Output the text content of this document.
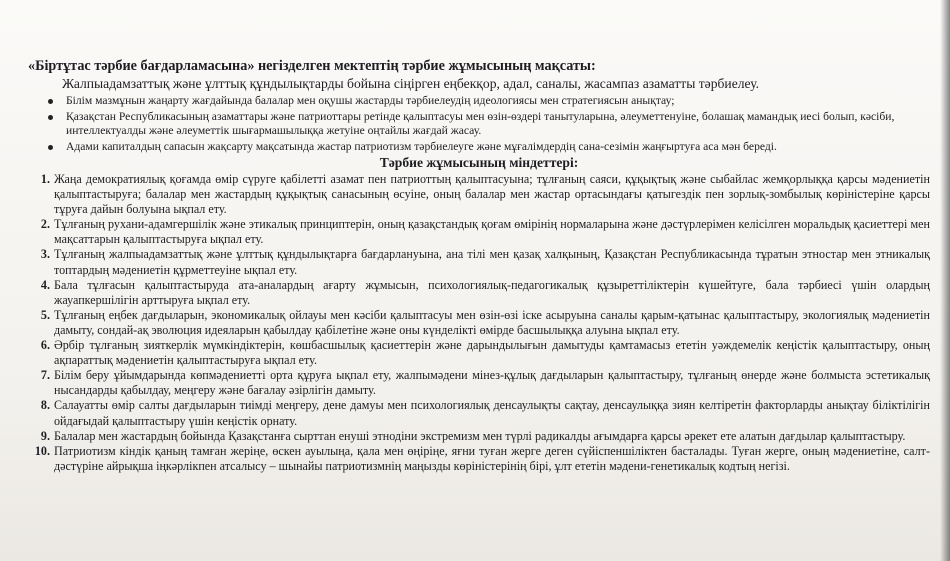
«Біртұтас тәрбие бағдарламасына» негізделген мектептің тәрбие жұмысының мақсаты:

Жалпыадамзаттық және ұлттық құндылықтарды бойына сіңірген еңбекқор, адал, саналы, жасампаз азаматты тәрбиелеу.

Білім мазмұнын жаңарту жағдайында балалар мен оқушы жастарды тәрбиелеудің идеологиясы мен стратегиясын анықтау;
Қазақстан Республикасының азаматтары және патриоттары ретінде қалыптасуы мен өзін-өздері танытуларына, әлеуметтенуіне, болашақ мамандық иесі болып, кәсіби, интеллектуалды және әлеуметтік шығармашылыққа жетуіне оңтайлы жағдай жасау.
Адами капиталдың сапасын жақсарту мақсатында жастар патриотизм тәрбиелеуге және мұғалімдердің сана-сезімін жаңғыртуға аса мән береді.

Тәрбие жұмысының міндеттері:

1. Жаңа демократиялық қоғамда өмір сүруге қабілетті азамат пен патриоттың қалыптасуына; тұлғаның саяси, құқықтық және сыбайлас жемқорлыққа қарсы мәдениетін қалыптастыруға; балалар мен жастардың құқықтық санасының өсуіне, оның балалар мен жастар ортасындағы қатыгездік пен зорлық-зомбылық көріністеріне қарсы тұруға дайын болуына ықпал ету.
2. Тұлғаның рухани-адамгершілік және этикалық принциптерін, оның қазақстандық қоғам өмірінің нормаларына және дәстүрлерімен келісілген моральдық қасиеттері мен мақсаттарын қалыптастыруға ықпал ету.
3. Тұлғаның жалпыадамзаттық және ұлттық құндылықтарға бағдарлануына, ана тілі мен қазақ халқының, Қазақстан Республикасында тұратын этностар мен этникалық топтардың мәдениетін құрметтеуіне ықпал ету.
4. Бала тұлғасын қалыптастыруда ата-аналардың ағарту жұмысын, психологиялық-педагогикалық құзыреттіліктерін күшейтуге, бала тәрбиесі үшін олардың жауапкершілігін арттыруға ықпал ету.
5. Тұлғаның еңбек дағдыларын, экономикалық ойлауы мен кәсіби қалыптасуы мен өзін-өзі іске асыруына саналы қарым-қатынас қалыптастыру, экологиялық мәдениетін дамыту, сондай-ақ эволюция идеяларын қабылдау қабілетіне және оны күнделікті өмірде басшылыққа алуына ықпал ету.
6. Әрбір тұлғаның зияткерлік мүмкіндіктерін, көшбасшылық қасиеттерін және дарындылығын дамытуды қамтамасыз ететін уәждемелік кеңістік қалыптастыру, оның ақпараттық мәдениетін қалыптастыруға ықпал ету.
7. Білім беру ұйымдарында көпмәдениетті орта құруға ықпал ету, жалпымәдени мінез-құлық дағдыларын қалыптастыру, тұлғаның өнерде және болмыста эстетикалық нысандарды қабылдау, меңгеру және бағалау әзірлігін дамыту.
8. Салауатты өмір салты дағдыларын тиімді меңгеру, дене дамуы мен психологиялық денсаулықты сақтау, денсаулыққа зиян келтіретін факторларды анықтау біліктілігін ойдағыдай қалыптастыру үшін кеңістік орнату.
9. Балалар мен жастардың бойында Қазақстанға сырттан енуші этнодіни экстремизм мен түрлі радикалды ағымдарға қарсы әрекет ете алатын дағдылар қалыптастыру.
10. Патриотизм кіндік қаның тамған жеріңе, өскен ауылыңа, қала мен өңіріңе, яғни туған жерге деген сүйіспеншіліктен басталады. Туған жерге, оның мәдениетіне, салт-дәстүріне айрықша іңкәрлікпен атсалысу – шынайы патриотизмнің маңызды көріністерінің бірі, ұлт ететін мәдени-генетикалық кодтың негізі.
